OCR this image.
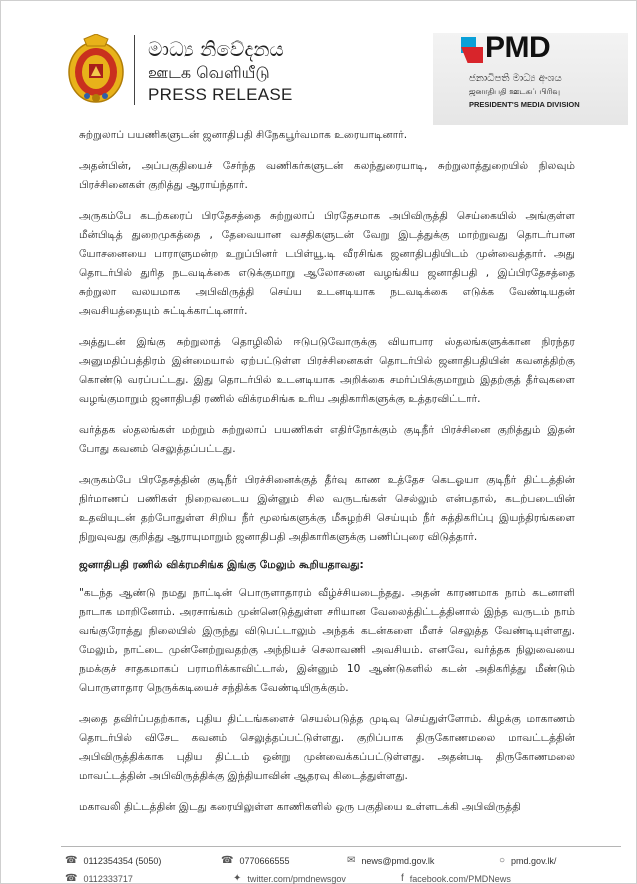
මාධ්‍ය නිවේදනය
ஊடக வெளியீடு
PRESS RELEASE
PMD
ජනාධිපති මාධ්‍ය අංශය
ஜனாதிபதி ஊடகப் பிரிவு
PRESIDENT'S MEDIA DIVISION

சுற்றுலாப் பயணிகளுடன் ஜனாதிபதி சிநேகபூர்வமாக உரையாடினார்.

அதன்பின், அப்பகுதியைச் சேர்ந்த வணிகர்களுடன் கலந்துரையாடி, சுற்றுலாத்துறையில் நிலவும் பிரச்சினைகள் குறித்து ஆராய்ந்தார்.

அருகம்பே கடற்கரைப் பிரதேசத்தை சுற்றுலாப் பிரதேசமாக அபிவிருத்தி செய்கையில் அங்குள்ள மீன்பிடித் துறைமுகத்தை , தேவையான வசதிகளுடன் வேறு இடத்துக்கு மாற்றுவது தொடர்பான யோசனையை பாராளுமன்ற உறுப்பினர் டபிள்யூ.டி வீரசிங்க ஜனாதிபதியிடம் முன்வைத்தார். அது தொடர்பில் துரித நடவடிக்கை எடுக்குமாறு ஆலோசனை வழங்கிய ஜனாதிபதி , இப்பிரதேசத்தை சுற்றுலா வலயமாக அபிவிருத்தி செய்ய உடனடியாக நடவடிக்கை எடுக்க வேண்டியதன் அவசியத்தையும் சுட்டிக்காட்டினார்.

அத்துடன் இங்கு சுற்றுலாத் தொழிலில் ஈடுபடுவோருக்கு வியாபார ஸ்தலங்களுக்கான நிரந்தர அனுமதிப்பத்திரம் இன்மையால் ஏற்பட்டுள்ள பிரச்சினைகள் தொடர்பில் ஜனாதிபதியின் கவனத்திற்கு கொண்டு வரப்பட்டது. இது தொடர்பில் உடனடியாக அறிக்கை சமர்ப்பிக்குமாறும் இதற்குத் தீர்வுகளை வழங்குமாறும் ஜனாதிபதி ரணில் விக்ரமசிங்க உரிய அதிகாரிகளுக்கு உத்தரவிட்டார்.

வர்த்தக ஸ்தலங்கள் மற்றும் சுற்றுலாப் பயணிகள் எதிர்நோக்கும் குடிநீர் பிரச்சினை குறித்தும் இதன் போது கவனம் செலுத்தப்பட்டது.

அருகம்பே பிரதேசத்தின் குடிநீர் பிரச்சினைக்குத் தீர்வு காண உத்தேச கெடஓயா குடிநீர் திட்டத்தின் நிர்மாணப் பணிகள் நிறைவடைய இன்னும் சில வருடங்கள் செல்லும் என்பதால், கடற்படையின் உதவியுடன் தற்போதுள்ள சிறிய நீர் மூலங்களுக்கு மீசுழற்சி செய்யும் நீர் சுத்திகரிப்பு இயந்திரங்களை நிறுவுவது குறித்து ஆராயுமாறும் ஜனாதிபதி அதிகாரிகளுக்கு பணிப்புரை விடுத்தார்.

ஜனாதிபதி ரணில் விக்ரமசிங்க இங்கு மேலும் கூறியதாவது:

"கடந்த ஆண்டு நமது நாட்டின் பொருளாதாரம் வீழ்ச்சியடைந்தது. அதன் காரணமாக நாம் கடனாளி நாடாக மாறினோம். அரசாங்கம் முன்னெடுத்துள்ள சரியான வேலைத்திட்டத்தினால் இந்த வருடம் நாம் வங்குரோத்து நிலையில் இருந்து விடுபட்டாலும் அந்தக் கடன்களை மீளச் செலுத்த வேண்டியுள்ளது. மேலும், நாட்டை முன்னேற்றுவதற்கு அந்நியச் செலாவணி அவசியம். எனவே, வர்த்தக நிலுவையை நமக்குச் சாதகமாகப் பராமரிக்காவிட்டால், இன்னும் 10 ஆண்டுகளில் கடன் அதிகரித்து மீண்டும் பொருளாதார நெருக்கடியைச் சந்திக்க வேண்டியிருக்கும்.

அதை தவிர்ப்பதற்காக, புதிய திட்டங்களைச் செயல்படுத்த முடிவு செய்துள்ளோம். கிழக்கு மாகாணம் தொடர்பில் விசேட கவனம் செலுத்தப்பட்டுள்ளது. குறிப்பாக திருகோணமலை மாவட்டத்தின் அபிவிருத்திக்காக புதிய திட்டம் ஒன்று முன்வைக்கப்பட்டுள்ளது. அதன்படி திருகோணமலை மாவட்டத்தின் அபிவிருத்திக்கு இந்தியாவின் ஆதரவு கிடைத்துள்ளது.

மகாவலி திட்டத்தின் இடது கரையிலுள்ள காணிகளில் ஒரு பகுதியை உள்ளடக்கி அபிவிருத்தி

☎ 0112354354 (5050)	☎ 0770666555	✉ news@pmd.gov.lk	○ pmd.gov.lk/
☎ 0112333717	✦ twitter.com/pmdnewsgov	f facebook.com/PMDNews
